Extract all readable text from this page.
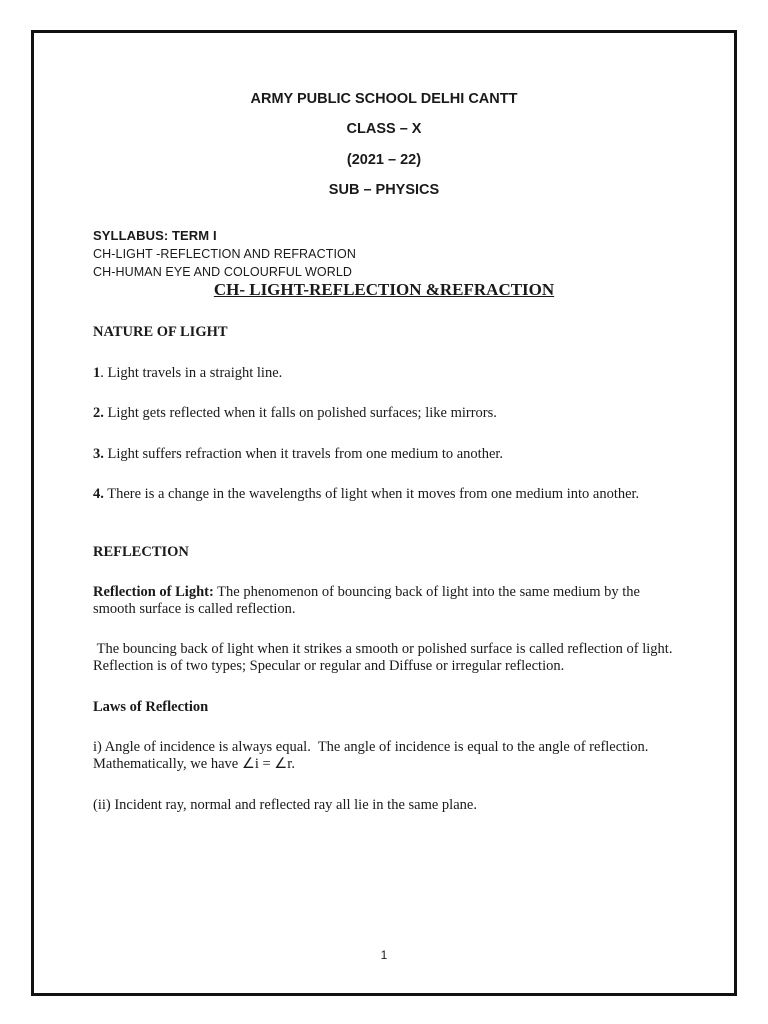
ARMY PUBLIC SCHOOL DELHI CANTT
CLASS – X
(2021 – 22)
SUB – PHYSICS
SYLLABUS: TERM I
CH-LIGHT -REFLECTION AND REFRACTION
CH-HUMAN EYE AND COLOURFUL WORLD
CH- LIGHT-REFLECTION &REFRACTION
NATURE OF LIGHT
1. Light travels in a straight line.
2. Light gets reflected when it falls on polished surfaces; like mirrors.
3. Light suffers refraction when it travels from one medium to another.
4. There is a change in the wavelengths of light when it moves from one medium into another.
REFLECTION
Reflection of Light: The phenomenon of bouncing back of light into the same medium by the smooth surface is called reflection.
The bouncing back of light when it strikes a smooth or polished surface is called reflection of light. Reflection is of two types; Specular or regular and Diffuse or irregular reflection.
Laws of Reflection
i) Angle of incidence is always equal.  The angle of incidence is equal to the angle of reflection. Mathematically, we have ∠i = ∠r.
(ii) Incident ray, normal and reflected ray all lie in the same plane.
1
